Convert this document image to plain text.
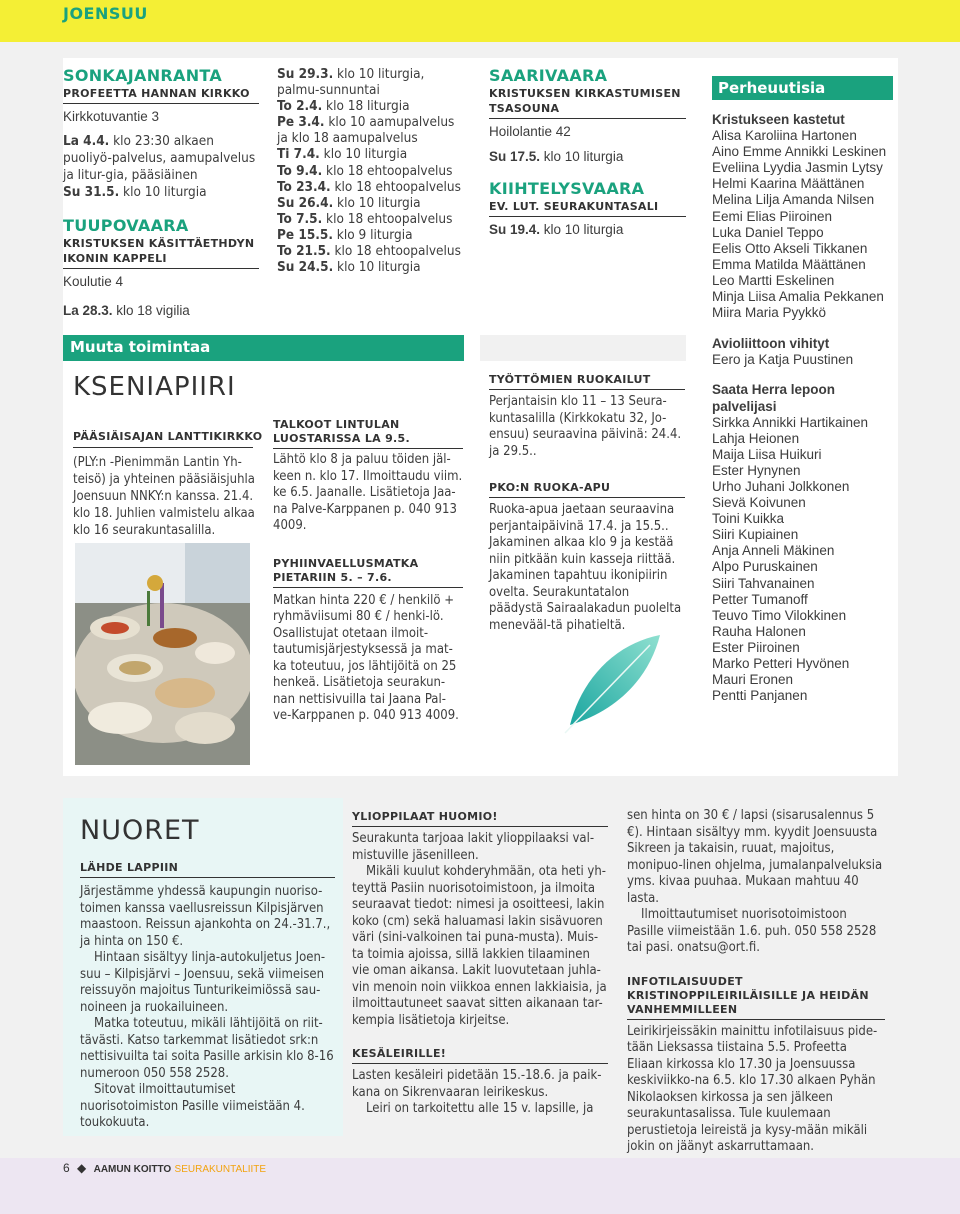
JOENSUU

SONKAJANRANTA

PROFEETTA HANNAN KIRKKO

Kirkkotuvantie 3

La 4.4. klo 23:30 alkaen puoliyö-palvelus, aamupalvelus ja litur-gia, pääsiäinen

Su 31.5. klo 10 liturgia

TUUPOVAARA

KRISTUKSEN KÄSITTÄETHDYN IKONIN KAPPELI

Koulutie 4

La 28.3. klo 18 vigilia

Su 29.3. klo 10 liturgia, palmu-sunnuntai

To 2.4. klo 18 liturgia

Pe 3.4. klo 10 aamupalvelus ja klo 18 aamupalvelus

Ti 7.4. klo 10 liturgia

To 9.4. klo 18 ehtoopalvelus

To 23.4. klo 18 ehtoopalvelus

Su 26.4. klo 10 liturgia

To 7.5. klo 18 ehtoopalvelus

Pe 15.5. klo 9 liturgia

To 21.5. klo 18 ehtoopalvelus

Su 24.5. klo 10 liturgia

SAARIVAARA

KRISTUKSEN KIRKASTUMISEN TSASOUNA

Hoilolantie 42

Su 17.5. klo 10 liturgia

KIIHTELYSVAARA

EV. LUT. SEURAKUNTASALI

Su 19.4. klo 10 liturgia

Perheuutisia

Kristukseen kastetut

Alisa Karoliina Hartonen

Aino Emme Annikki Leskinen

Eveliina Lyydia Jasmin Lytsy

Helmi Kaarina Määttänen

Melina Lilja Amanda Nilsen

Eemi Elias Piiroinen

Luka Daniel Teppo

Eelis Otto Akseli Tikkanen

Emma Matilda Määttänen

Leo Martti Eskelinen

Minja Liisa Amalia Pekkanen

Miira Maria Pyykkö

Avioliittoon vihityt

Eero ja Katja Puustinen

Saata Herra lepoon palvelijasi

Sirkka Annikki Hartikainen

Lahja Heionen

Maija Liisa Huikuri

Ester Hynynen

Urho Juhani Jolkkonen

Sievä Koivunen

Toini Kuikka

Siiri Kupiainen

Anja Anneli Mäkinen

Alpo Puruskainen

Siiri Tahvanainen

Petter Tumanoff

Teuvo Timo Vilokkinen

Rauha Halonen

Ester Piiroinen

Marko Petteri Hyvönen

Mauri Eronen

Pentti Panjanen

Muuta toimintaa

KSENIAPIIRI

PÄÄSIÄISAJAN LANTTIKIRKKO

(PLY:n -Pienimmän Lantin Yh-teisö) ja yhteinen pääsiäisjuhla Joensuun NNKY:n kanssa. 21.4. klo 18. Juhlien valmistelu alkaa klo 16 seurakuntasalilla.

TALKOOT LINTULAN LUOSTARISSA LA 9.5.

Lähtö klo 8 ja paluu töiden jäl-keen n. klo 17. Ilmoittaudu viim. ke 6.5. Jaanalle. Lisätietoja Jaa-na Palve-Karppanen p. 040 913 4009.

PYHIINVAELLUSMATKA PIETARIIN 5. – 7.6.

Matkan hinta 220 € / henkilö + ryhmäviisumi 80 € / henki-lö. Osallistujat otetaan ilmoit-tautumisjärjestyksessä ja mat-ka toteutuu, jos lähtijöitä on 25 henkeä. Lisätietoja seurakun-nan nettisivuilla tai Jaana Pal-ve-Karppanen p. 040 913 4009.

TYÖTTÖMIEN RUOKAILUT

Perjantaisin klo 11 – 13 Seura-kuntasalilla (Kirkkokatu 32, Jo-ensuu) seuraavina päivinä: 24.4. ja 29.5..

PKO:N RUOKA-APU

Ruoka-apua jaetaan seuraavina perjantaipäivinä 17.4. ja 15.5.. Jakaminen alkaa klo 9 ja kestää niin pitkään kuin kasseja riittää. Jakaminen tapahtuu ikonipiirin ovelta. Seurakuntatalon päädystä Sairaalakadun puolelta menevääl-tä pihatieltä.

NUORET

LÄHDE LAPPIIN

Järjestämme yhdessä kaupungin nuoriso-toimen kanssa vaellusreissun Kilpisjärven maastoon. Reissun ajankohta on 24.-31.7., ja hinta on 150 €.

Hintaan sisältyy linja-autokuljetus Joen-suu – Kilpisjärvi – Joensuu, sekä viimeisen reissuyön majoitus Tunturikeimiössä sau-noineen ja ruokailuineen.

Matka toteutuu, mikäli lähtijöitä on riit-tävästi. Katso tarkemmat lisätiedot srk:n nettisivuilta tai soita Pasille arkisin klo 8-16 numeroon 050 558 2528.

Sitovat ilmoittautumiset nuorisotoimiston Pasille viimeistään 4. toukokuuta.

YLIOPPILAAT HUOMIO!

Seurakunta tarjoaa lakit ylioppilaaksi val-mistuville jäsenilleen.

Mikäli kuulut kohderyhmään, ota heti yh-teyttä Pasiin nuorisotoimistoon, ja ilmoita seuraavat tiedot: nimesi ja osoitteesi, lakin koko (cm) sekä haluamasi lakin sisävuoren väri (sini-valkoinen tai puna-musta). Muis-ta toimia ajoissa, sillä lakkien tilaaminen vie oman aikansa. Lakit luovutetaan juhla-vin menoin noin viikkoa ennen lakkiaisia, ja ilmoittautuneet saavat sitten aikanaan tar-kempia lisätietoja kirjeitse.

KESÄLEIRILLE!

Lasten kesäleiri pidetään 15.-18.6. ja paik-kana on Sikrenvaaran leirikeskus.

Leiri on tarkoitettu alle 15 v. lapsille, ja

sen hinta on 30 € / lapsi (sisarusalennus 5 €). Hintaan sisältyy mm. kyydit Joensuusta Sikreen ja takaisin, ruuat, majoitus, monipuo-linen ohjelma, jumalanpalveluksia yms. kivaa puuhaa. Mukaan mahtuu 40 lasta.

Ilmoittautumiset nuorisotoimistoon Pasille viimeistään 1.6. puh. 050 558 2528 tai pasi. onatsu@ort.fi.

INFOTILAISUUDET

KRISTINOPPILEIRILÄISILLE JA HEIDÄN VANHEMMILLEEN

Leirikirjeissäkin mainittu infotilaisuus pide-tään Lieksassa tiistaina 5.5. Profeetta Eliaan kirkossa klo 17.30 ja Joensuussa keskiviikko-na 6.5. klo 17.30 alkaen Pyhän Nikolaoksen kirkossa ja sen jälkeen seurakuntasalissa. Tule kuulemaan perustietoja leireistä ja kysy-mään mikäli jokin on jäänyt askarruttamaan.

6 ◆ AAMUN KOITTO SEURAKUNTALIITE
